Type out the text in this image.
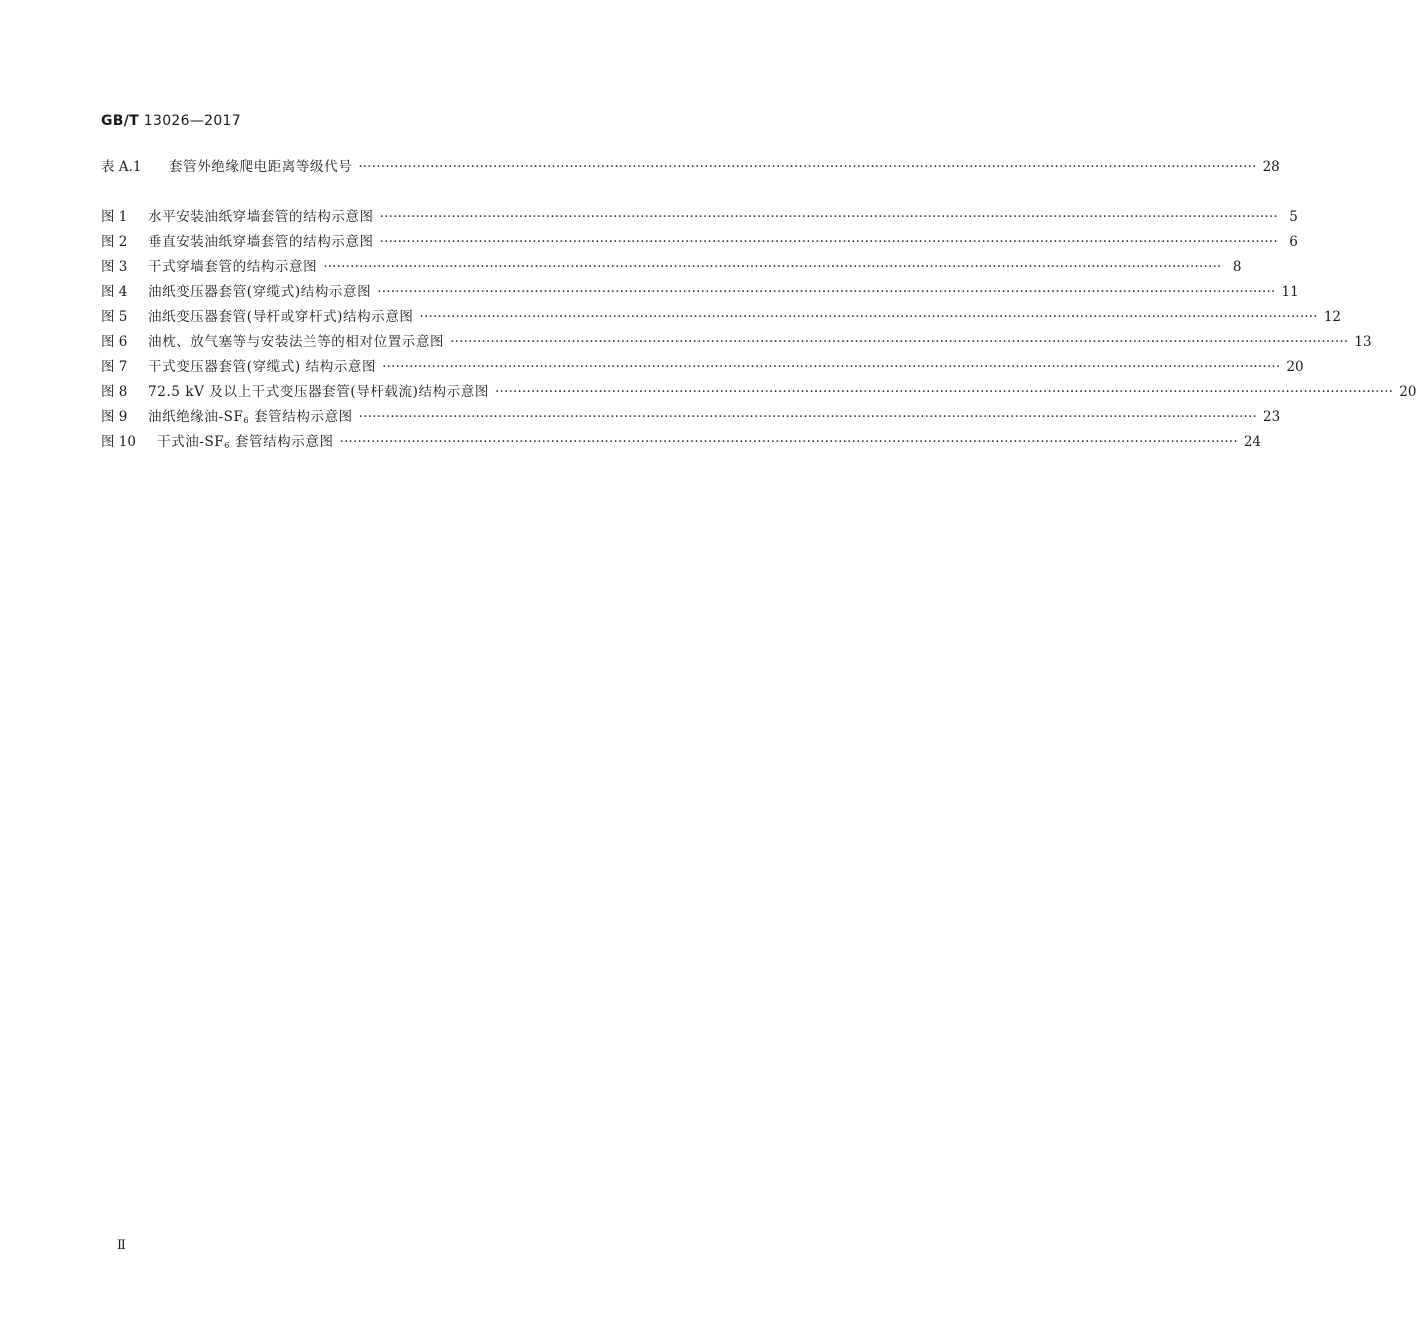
GB/T 13026—2017
表 A.1	套管外绝缘爬电距离等级代号 ········································································································································································································ 28
图 1	水平安装油纸穿墙套管的结构示意图 ········································································································································································································ 5
图 2	垂直安装油纸穿墙套管的结构示意图 ········································································································································································································ 6
图 3	干式穿墙套管的结构示意图 ········································································································································································································ 8
图 4	油纸变压器套管(穿缆式)结构示意图 ········································································································································································································ 11
图 5	油纸变压器套管(导杆或穿杆式)结构示意图 ········································································································································································································ 12
图 6	油枕、放气塞等与安装法兰等的相对位置示意图 ········································································································································································································ 13
图 7	干式变压器套管(穿缆式) 结构示意图 ········································································································································································································ 20
图 8	72.5 kV 及以上干式变压器套管(导杆载流)结构示意图 ········································································································································································································ 20
图 9	油纸绝缘油$-SF_6$ 套管结构示意图 ········································································································································································································ 23
图 10	干式油$-SF_6$ 套管结构示意图 ········································································································································································································ 24
Ⅱ
